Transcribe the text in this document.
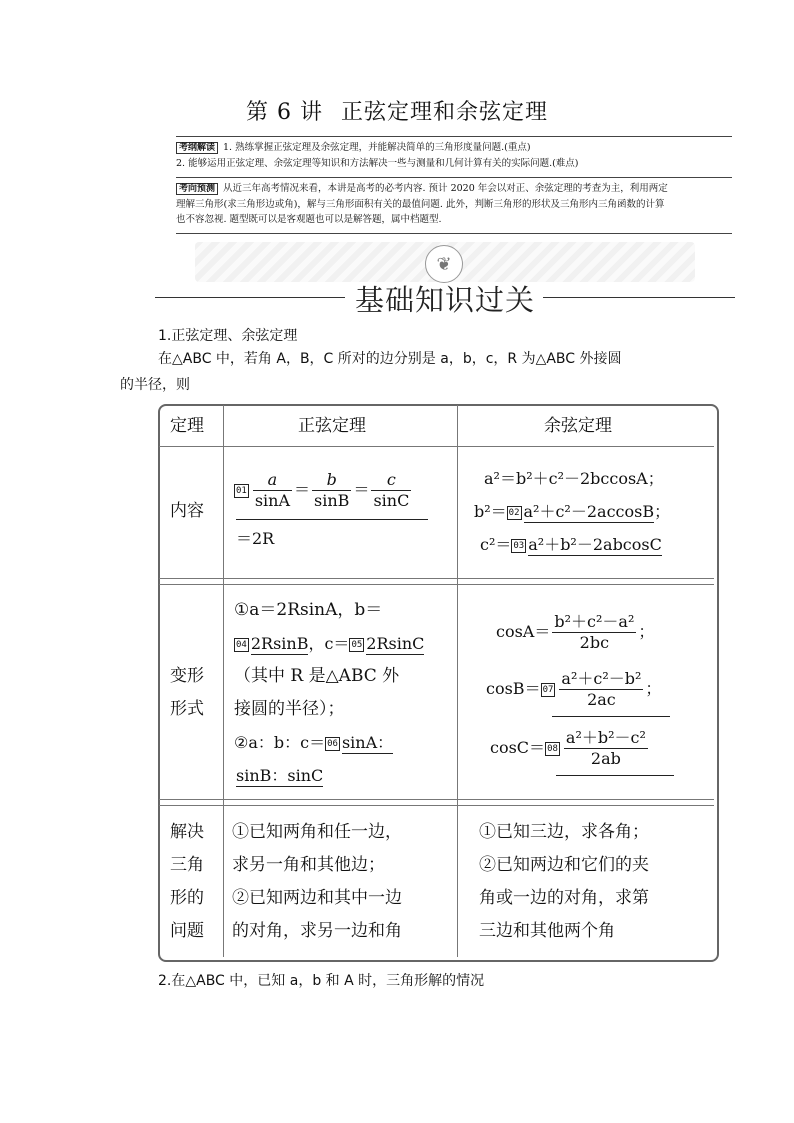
第 6 讲 正弦定理和余弦定理
考纲解读 1. 熟练掌握正弦定理及余弦定理，并能解决简单的三角形度量问题.(重点)
2. 能够运用正弦定理、余弦定理等知识和方法解决一些与测量和几何计算有关的实际问题.(难点)
考向预测 从近三年高考情况来看，本讲是高考的必考内容. 预计 2020 年会以对正、余弦定理的考查为主，利用两定
理解三角形(求三角形边或角)，解与三角形面积有关的最值问题. 此外，判断三角形的形状及三角形内三角函数的计算
也不容忽视. 题型既可以是客观题也可以是解答题，属中档题型.
❦
基础知识过关
1.正弦定理、余弦定理
在△ABC 中，若角 A，B，C 所对的边分别是 a，b，c，R 为△ABC 外接圆
的半径，则
定理	正弦定理	余弦定理
内容
$01 \frac{a}{\sin A} = \frac{b}{\sin B} = \frac{c}{\sin C}$
＝2R
a²＝b²＋c²－2bccosA；
b²＝ 02 a²＋c²－2accosB；
c²＝ 03 a²＋b²－2abcosC
变形
形式
①a＝2RsinA，b＝
04 2RsinB，c＝ 05 2RsinC
（其中 R 是△ABC 外
接圆的半径）；
②a：b：c＝ 06 sinA：
sinB：sinC
$\cos A= \frac{\text{b²＋c²－a²}}{2bc}$ ；
$\cos B= 07 \frac{\text{a²＋c²－b²}}{2ac}$ ；
$\cos C= 08 \frac{\text{a²＋b²－c²}}{2ab}$
解决
三角
形的
问题
①已知两角和任一边，
求另一角和其他边；
②已知两边和其中一边
的对角，求另一边和角
①已知三边，求各角；
②已知两边和它们的夹
角或一边的对角，求第
三边和其他两个角
2.在△ABC 中，已知 a，b 和 A 时，三角形解的情况
